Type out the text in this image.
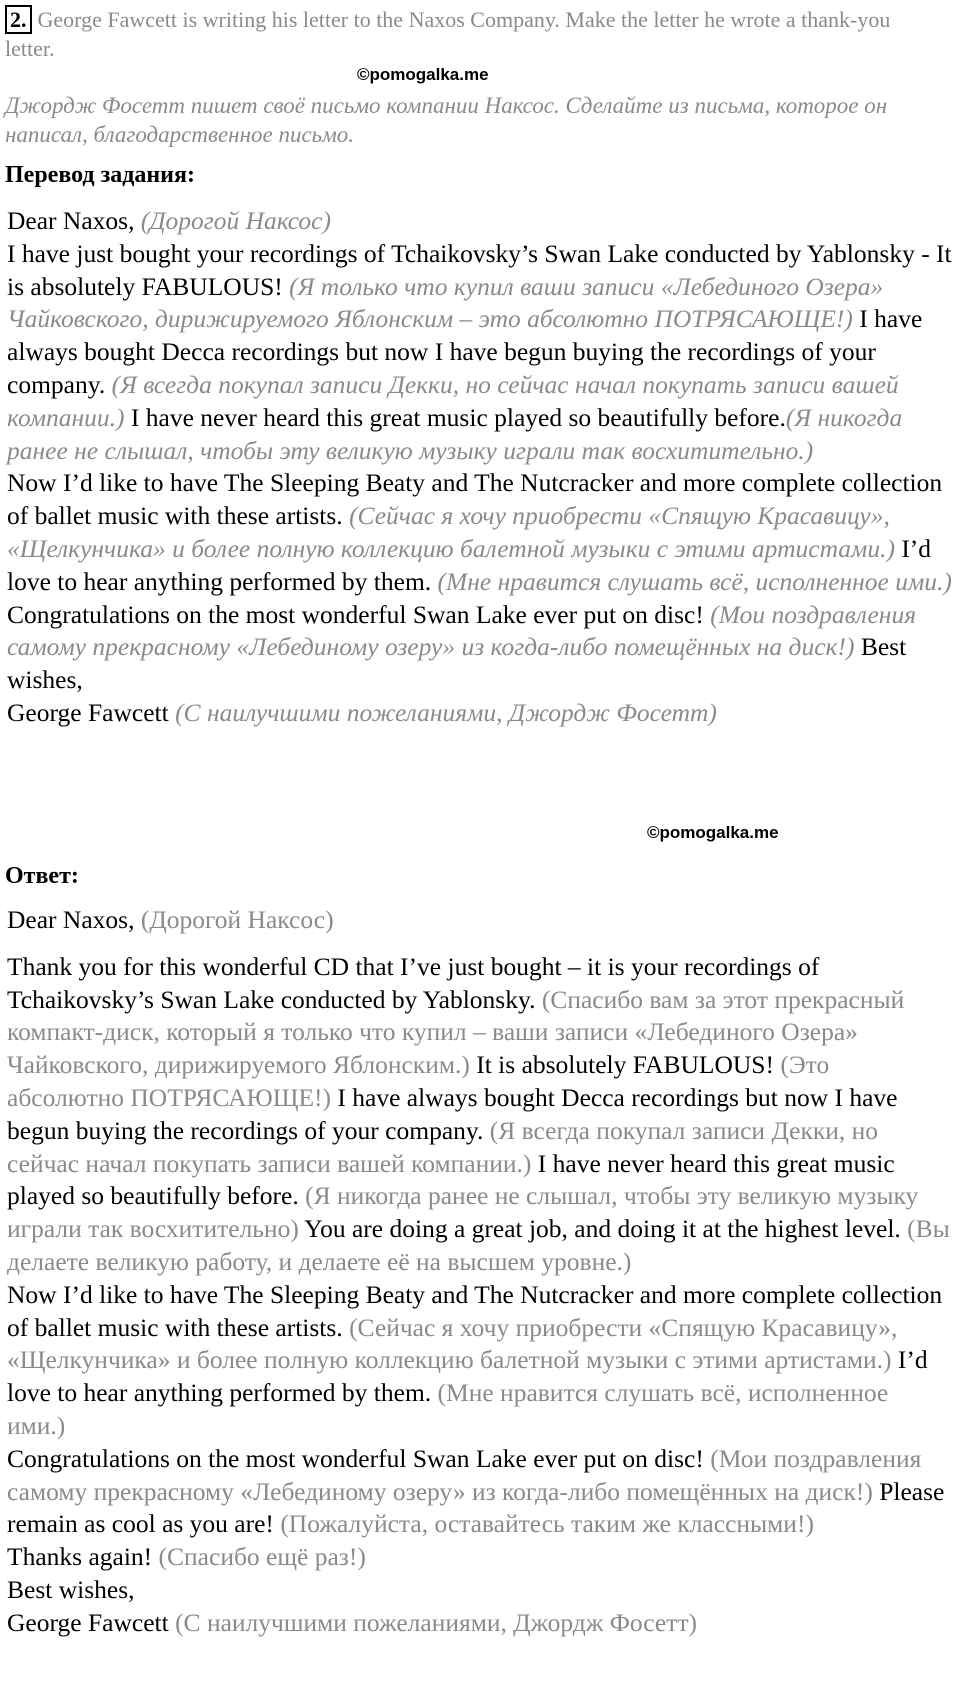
2. George Fawcett is writing his letter to the Naxos Company. Make the letter he wrote a thank-you letter.
©pomogalka.me
Джордж Фосетт пишет своё письмо компании Наксос. Сделайте из письма, которое он написал, благодарственное письмо.
Перевод задания:
Dear Naxos, (Дорогой Наксос)
I have just bought your recordings of Tchaikovsky’s Swan Lake conducted by Yablonsky - It is absolutely FABULOUS! (Я только что купил ваши записи «Лебединого Озера» Чайковского, дирижируемого Яблонским – это абсолютно ПОТРЯСАЮЩЕ!) I have always bought Decca recordings but now I have begun buying the recordings of your company. (Я всегда покупал записи Декки, но сейчас начал покупать записи вашей компании.) I have never heard this great music played so beautifully before.(Я никогда ранее не слышал, чтобы эту великую музыку играли так восхитительно.)
Now I’d like to have The Sleeping Beaty and The Nutcracker and more complete collection of ballet music with these artists. (Сейчас я хочу приобрести «Спящую Красавицу», «Щелкунчика» и более полную коллекцию балетной музыки с этими артистами.) I’d love to hear anything performed by them. (Мне нравится слушать всё, исполненное ими.)
Congratulations on the most wonderful Swan Lake ever put on disc! (Мои поздравления самому прекрасному «Лебединому озеру» из когда-либо помещённых на диск!) Best wishes,
George Fawcett (С наилучшими пожеланиями, Джордж Фосетт)
©pomogalka.me
Ответ:
Dear Naxos, (Дорогой Наксос)
Thank you for this wonderful CD that I’ve just bought – it is your recordings of Tchaikovsky’s Swan Lake conducted by Yablonsky. (Спасибо вам за этот прекрасный компакт-диск, который я только что купил – ваши записи «Лебединого Озера» Чайковского, дирижируемого Яблонским.) It is absolutely FABULOUS! (Это абсолютно ПОТРЯСАЮЩЕ!) I have always bought Decca recordings but now I have begun buying the recordings of your company. (Я всегда покупал записи Декки, но сейчас начал покупать записи вашей компании.) I have never heard this great music played so beautifully before. (Я никогда ранее не слышал, чтобы эту великую музыку играли так восхитительно) You are doing a great job, and doing it at the highest level. (Вы делаете великую работу, и делаете её на высшем уровне.)
Now I’d like to have The Sleeping Beaty and The Nutcracker and more complete collection of ballet music with these artists. (Сейчас я хочу приобрести «Спящую Красавицу», «Щелкунчика» и более полную коллекцию балетной музыки с этими артистами.) I’d love to hear anything performed by them. (Мне нравится слушать всё, исполненное ими.)
Congratulations on the most wonderful Swan Lake ever put on disc! (Мои поздравления самому прекрасному «Лебединому озеру» из когда-либо помещённых на диск!) Please remain as cool as you are! (Пожалуйста, оставайтесь таким же классными!)
Thanks again! (Спасибо ещё раз!)
Best wishes,
George Fawcett (С наилучшими пожеланиями, Джордж Фосетт)
